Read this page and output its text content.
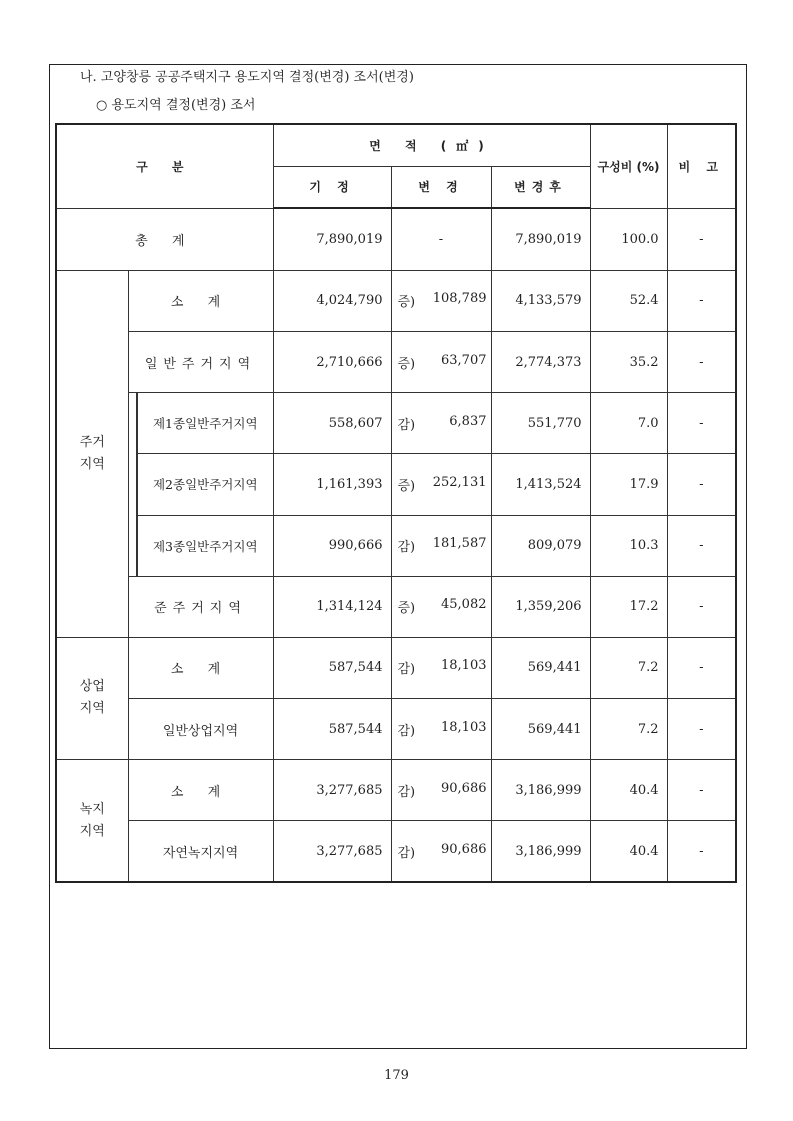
나. 고양창릉 공공주택지구 용도지역 결정(변경) 조서(변경)
○ 용도지역 결정(변경) 조서
구 분			면 적 (㎡)			구성비 (%)	비 고
			기 정	변 경	변경후		
총 계			7,890,019	-	7,890,019	100.0	-
주거지역	소 계		4,024,790	증) 108,789	4,133,579	52.4	-
	일반주거지역		2,710,666	증) 63,707	2,774,373	35.2	-
		제1종일반주거지역	558,607	감) 6,837	551,770	7.0	-
		제2종일반주거지역	1,161,393	증) 252,131	1,413,524	17.9	-
		제3종일반주거지역	990,666	감) 181,587	809,079	10.3	-
	준주거지역		1,314,124	증) 45,082	1,359,206	17.2	-
상업지역	소 계		587,544	감) 18,103	569,441	7.2	-
	일반상업지역		587,544	감) 18,103	569,441	7.2	-
녹지지역	소 계		3,277,685	감) 90,686	3,186,999	40.4	-
	자연녹지지역		3,277,685	감) 90,686	3,186,999	40.4	-
179
